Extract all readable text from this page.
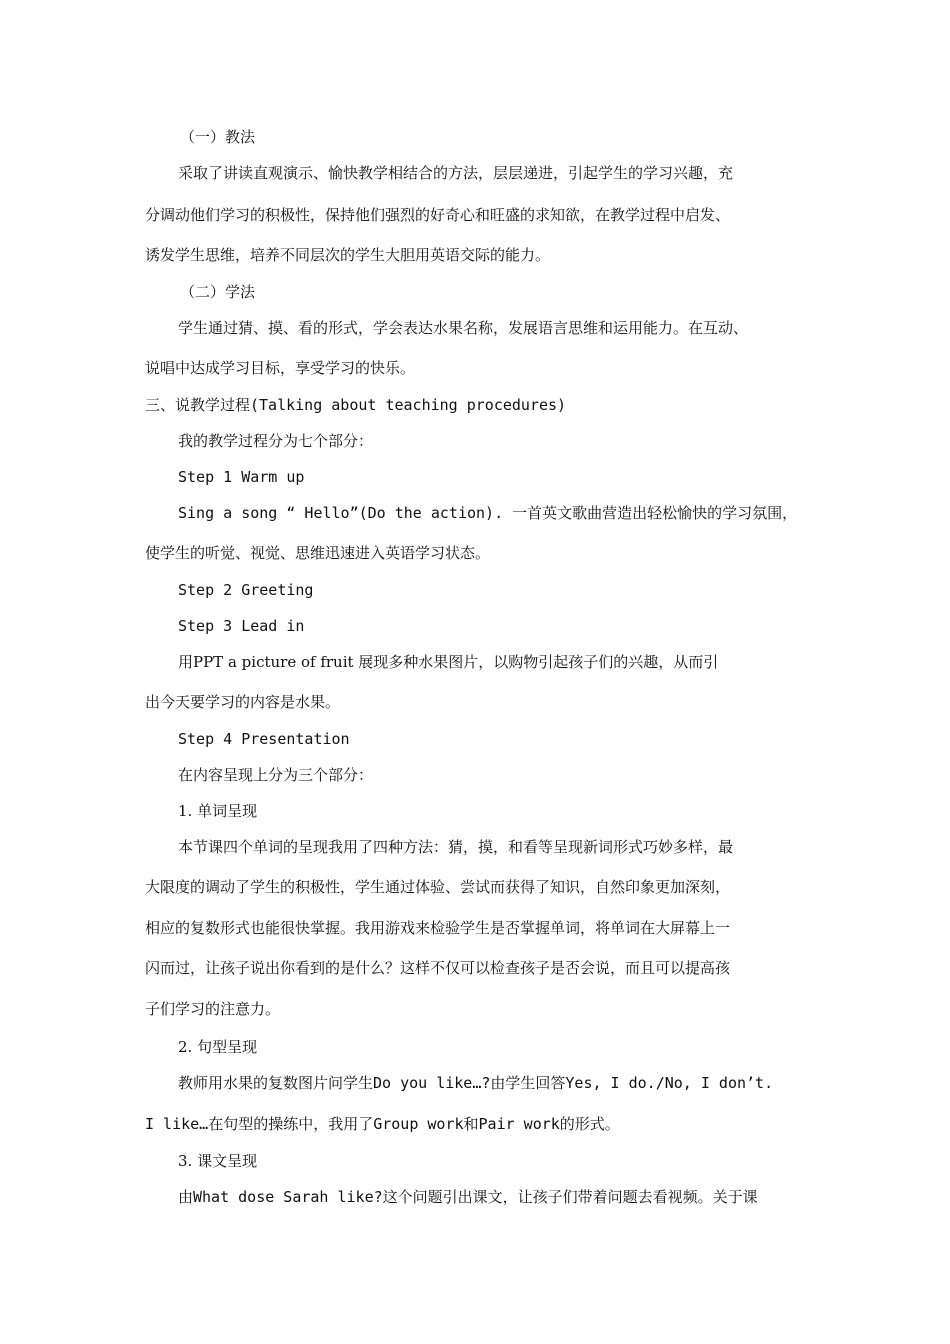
（一）教法
采取了讲读直观演示、愉快教学相结合的方法，层层递进，引起学生的学习兴趣，充
分调动他们学习的积极性，保持他们强烈的好奇心和旺盛的求知欲，在教学过程中启发、
诱发学生思维，培养不同层次的学生大胆用英语交际的能力。
（二）学法
学生通过猜、摸、看的形式，学会表达水果名称，发展语言思维和运用能力。在互动、
说唱中达成学习目标，享受学习的快乐。
三、说教学过程(Talking about teaching procedures)
我的教学过程分为七个部分：
Step 1 Warm up
Sing a song “ Hello”(Do the action). 一首英文歌曲营造出轻松愉快的学习氛围，
使学生的听觉、视觉、思维迅速进入英语学习状态。
Step 2 Greeting
Step 3 Lead in
用PPT a picture of fruit 展现多种水果图片，以购物引起孩子们的兴趣，从而引
出今天要学习的内容是水果。
Step 4 Presentation
在内容呈现上分为三个部分：
1. 单词呈现
本节课四个单词的呈现我用了四种方法：猜，摸，和看等呈现新词形式巧妙多样，最
大限度的调动了学生的积极性，学生通过体验、尝试而获得了知识，自然印象更加深刻，
相应的复数形式也能很快掌握。我用游戏来检验学生是否掌握单词，将单词在大屏幕上一
闪而过，让孩子说出你看到的是什么？这样不仅可以检查孩子是否会说，而且可以提高孩
子们学习的注意力。
2. 句型呈现
教师用水果的复数图片问学生Do you like…?由学生回答Yes, I do./No, I don’t.
I like…在句型的操练中，我用了Group work和Pair work的形式。
3. 课文呈现
由What dose Sarah like?这个问题引出课文，让孩子们带着问题去看视频。关于课
